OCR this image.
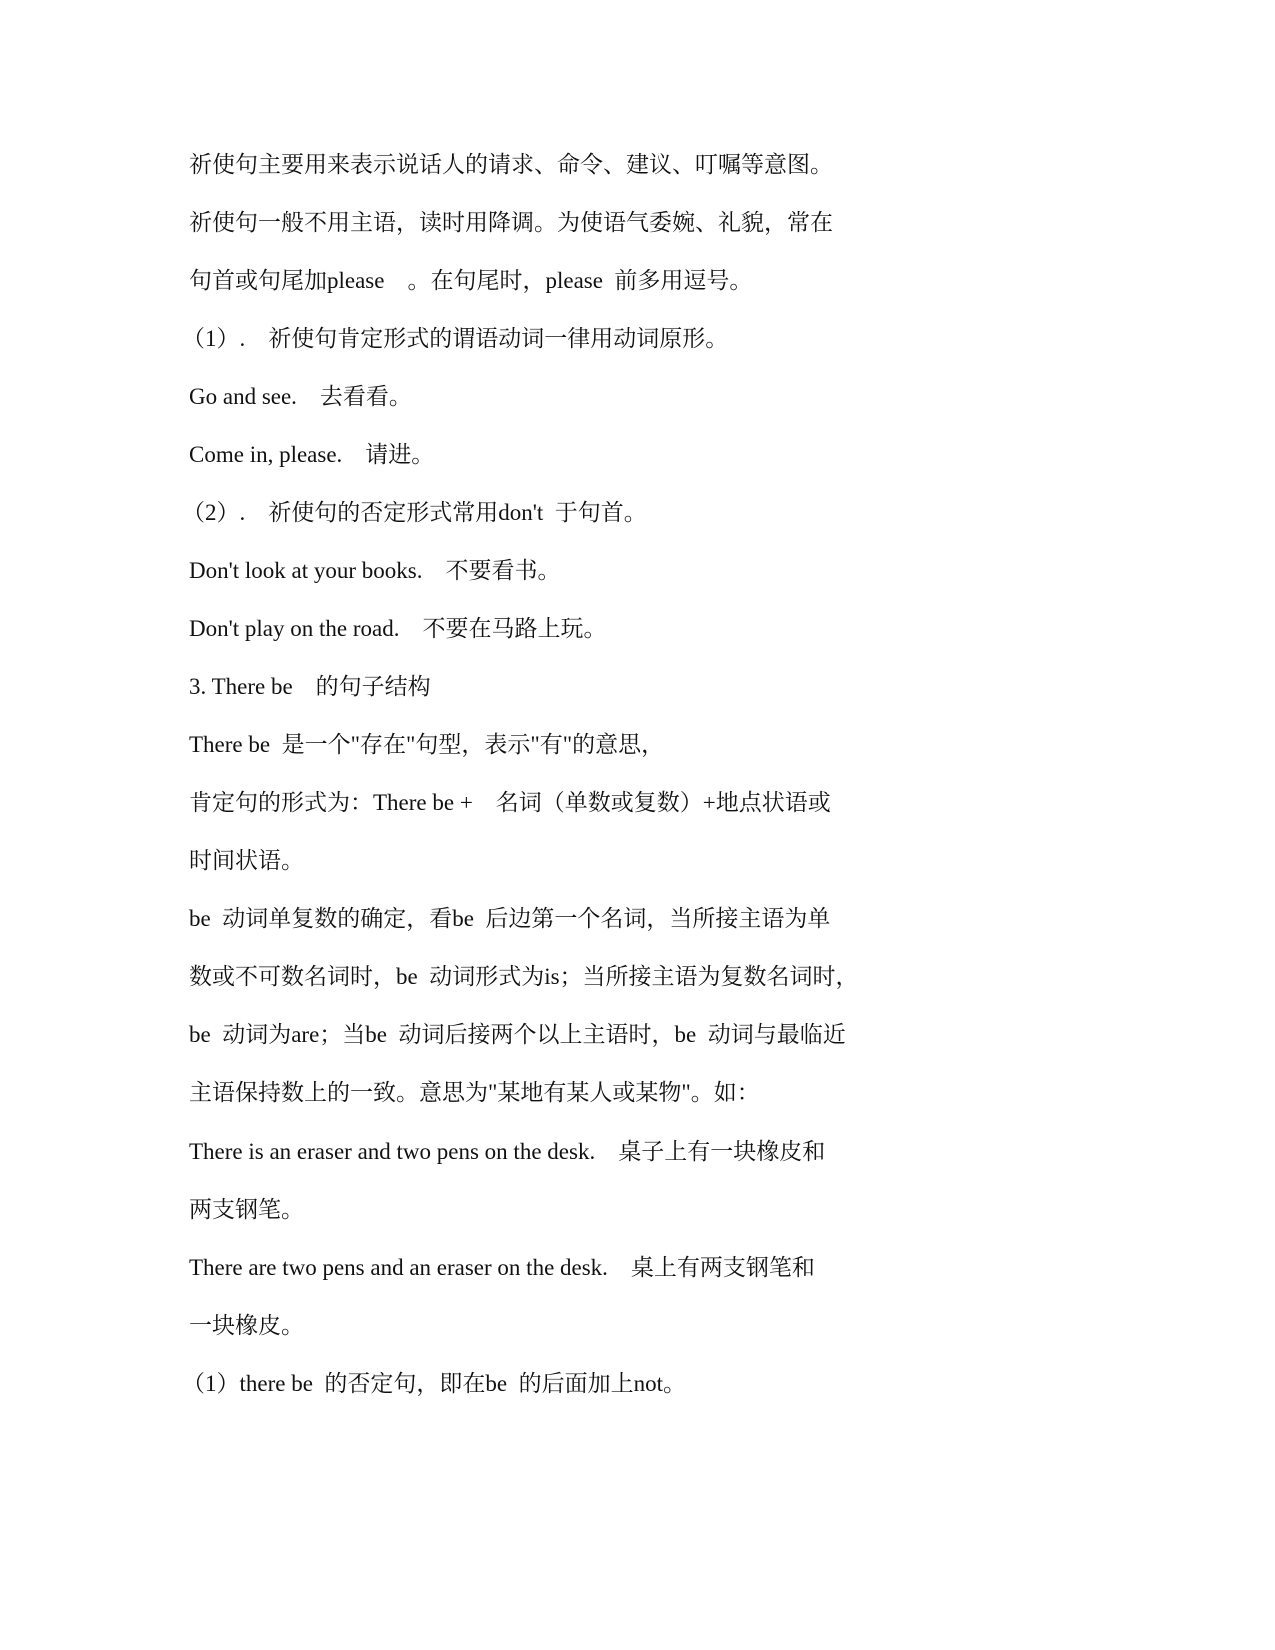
祈使句主要用来表示说话人的请求、命令、建议、叮嘱等意图。
祈使句一般不用主语，读时用降调。为使语气委婉、礼貌，常在
句首或句尾加please    。在句尾时，please  前多用逗号。
（1）.    祈使句肯定形式的谓语动词一律用动词原形。
Go and see.    去看看。
Come in, please.    请进。
（2）.    祈使句的否定形式常用don't  于句首。
Don't look at your books.    不要看书。
Don't play on the road.    不要在马路上玩。
3. There be    的句子结构
There be  是一个"存在"句型，表示"有"的意思，
肯定句的形式为：There be +    名词（单数或复数）+地点状语或
时间状语。
be  动词单复数的确定，看be  后边第一个名词，当所接主语为单
数或不可数名词时，be  动词形式为is；当所接主语为复数名词时，
be  动词为are；当be  动词后接两个以上主语时，be  动词与最临近
主语保持数上的一致。意思为"某地有某人或某物"。如：
There is an eraser and two pens on the desk.    桌子上有一块橡皮和
两支钢笔。
There are two pens and an eraser on the desk.    桌上有两支钢笔和
一块橡皮。
（1）there be  的否定句，即在be  的后面加上not。
